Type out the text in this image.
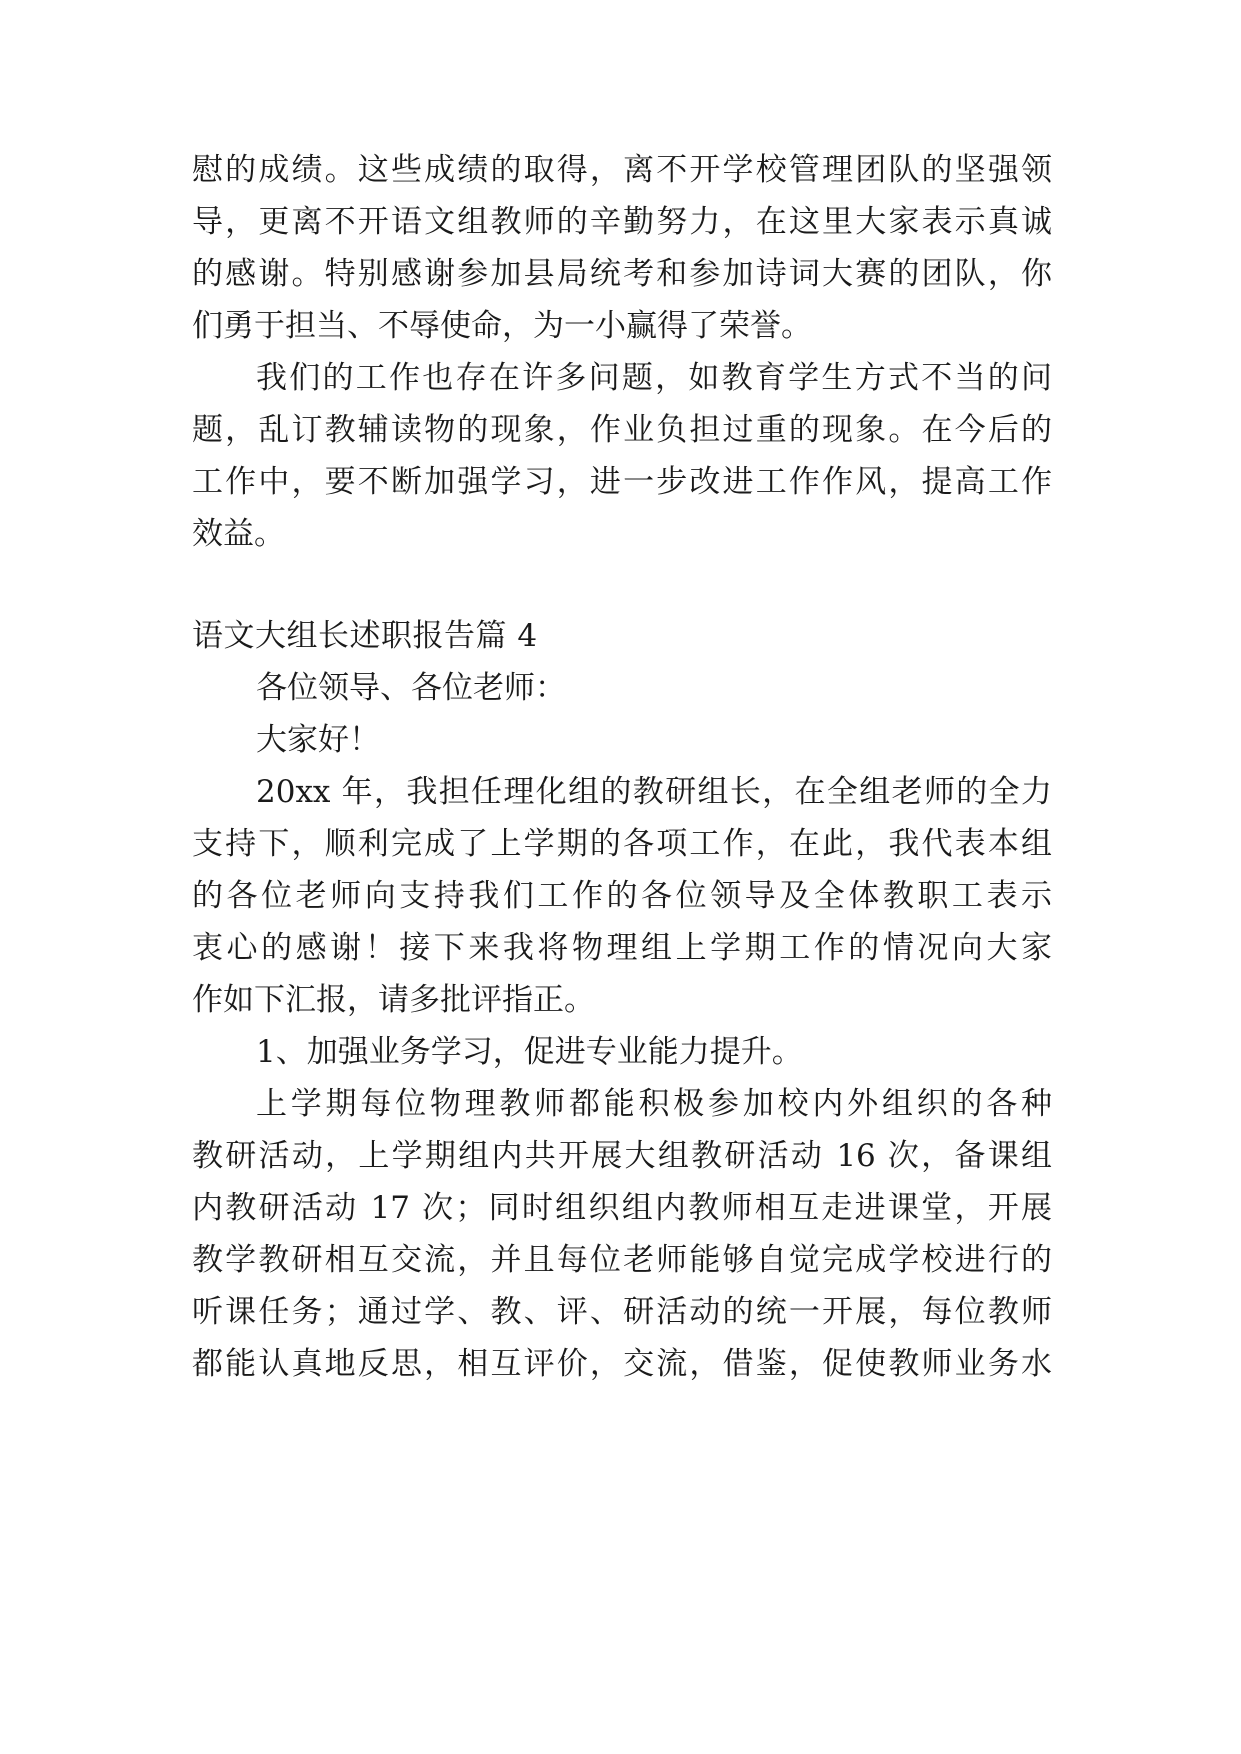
慰的成绩。这些成绩的取得，离不开学校管理团队的坚强领
导，更离不开语文组教师的辛勤努力，在这里大家表示真诚
的感谢。特别感谢参加县局统考和参加诗词大赛的团队，你
们勇于担当、不辱使命，为一小赢得了荣誉。
我们的工作也存在许多问题，如教育学生方式不当的问
题，乱订教辅读物的现象，作业负担过重的现象。在今后的
工作中，要不断加强学习，进一步改进工作作风，提高工作
效益。
语文大组长述职报告篇 4
各位领导、各位老师：
大家好！
20xx 年，我担任理化组的教研组长，在全组老师的全力
支持下，顺利完成了上学期的各项工作，在此，我代表本组
的各位老师向支持我们工作的各位领导及全体教职工表示
衷心的感谢！接下来我将物理组上学期工作的情况向大家
作如下汇报，请多批评指正。
1、加强业务学习，促进专业能力提升。
上学期每位物理教师都能积极参加校内外组织的各种
教研活动，上学期组内共开展大组教研活动 16 次，备课组
内教研活动 17 次；同时组织组内教师相互走进课堂，开展
教学教研相互交流，并且每位老师能够自觉完成学校进行的
听课任务；通过学、教、评、研活动的统一开展，每位教师
都能认真地反思，相互评价，交流，借鉴，促使教师业务水
